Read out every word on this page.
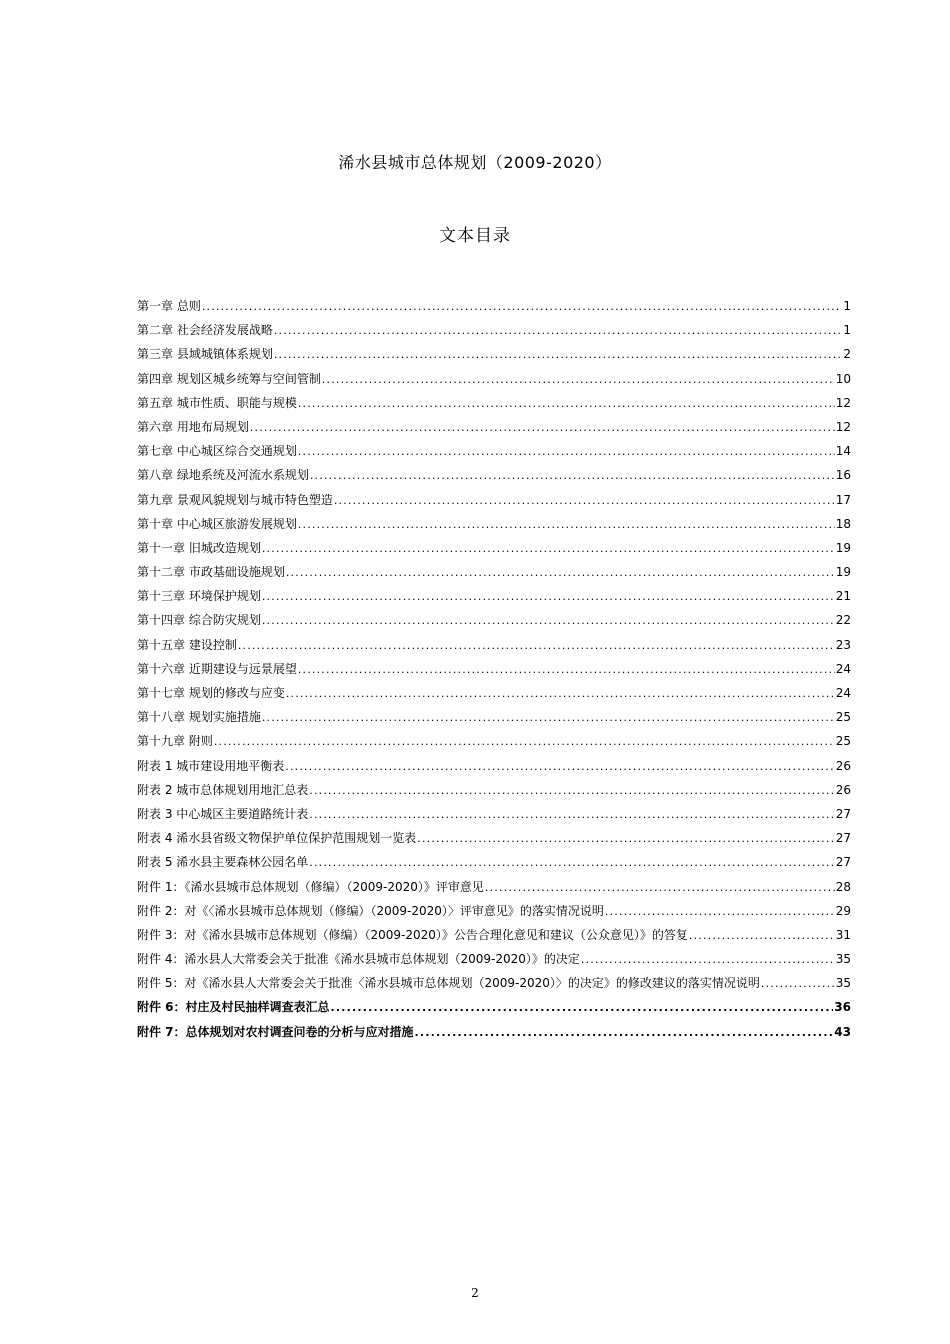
浠水县城市总体规划（2009-2020）
文本目录
第一章 总则 .....	1
第二章 社会经济发展战略 .....	1
第三章 县域城镇体系规划 .....	2
第四章 规划区城乡统筹与空间管制 .....	10
第五章 城市性质、职能与规模 .....	12
第六章 用地布局规划 .....	12
第七章 中心城区综合交通规划 .....	14
第八章 绿地系统及河流水系规划 .....	16
第九章 景观风貌规划与城市特色塑造 .....	17
第十章 中心城区旅游发展规划 .....	18
第十一章 旧城改造规划 .....	19
第十二章 市政基础设施规划 .....	19
第十三章 环境保护规划 .....	21
第十四章 综合防灾规划 .....	22
第十五章 建设控制 .....	23
第十六章 近期建设与远景展望 .....	24
第十七章 规划的修改与应变 .....	24
第十八章 规划实施措施 .....	25
第十九章 附则 .....	25
附表 1 城市建设用地平衡表 .....	26
附表 2 城市总体规划用地汇总表 .....	26
附表 3 中心城区主要道路统计表 .....	27
附表 4 浠水县省级文物保护单位保护范围规划一览表 .....	27
附表 5 浠水县主要森林公园名单 .....	27
附件 1：《浠水县城市总体规划（修编）（2009-2020）》评审意见 .....	28
附件 2：对《〈浠水县城市总体规划（修编）（2009-2020）〉评审意见》的落实情况说明 .....	29
附件 3：对《浠水县城市总体规划（修编）（2009-2020）》公告合理化意见和建议（公众意见）》的答复 .....	31
附件 4：浠水县人大常委会关于批准《浠水县城市总体规划（2009-2020）》的决定 .....	35
附件 5：对《浠水县人大常委会关于批准〈浠水县城市总体规划（2009-2020）〉的决定》的修改建议的落实情况说明 .....	35
附件 6：村庄及村民抽样调查表汇总 .....	36
附件 7：总体规划对农村调查问卷的分析与应对措施 .....	43
2
